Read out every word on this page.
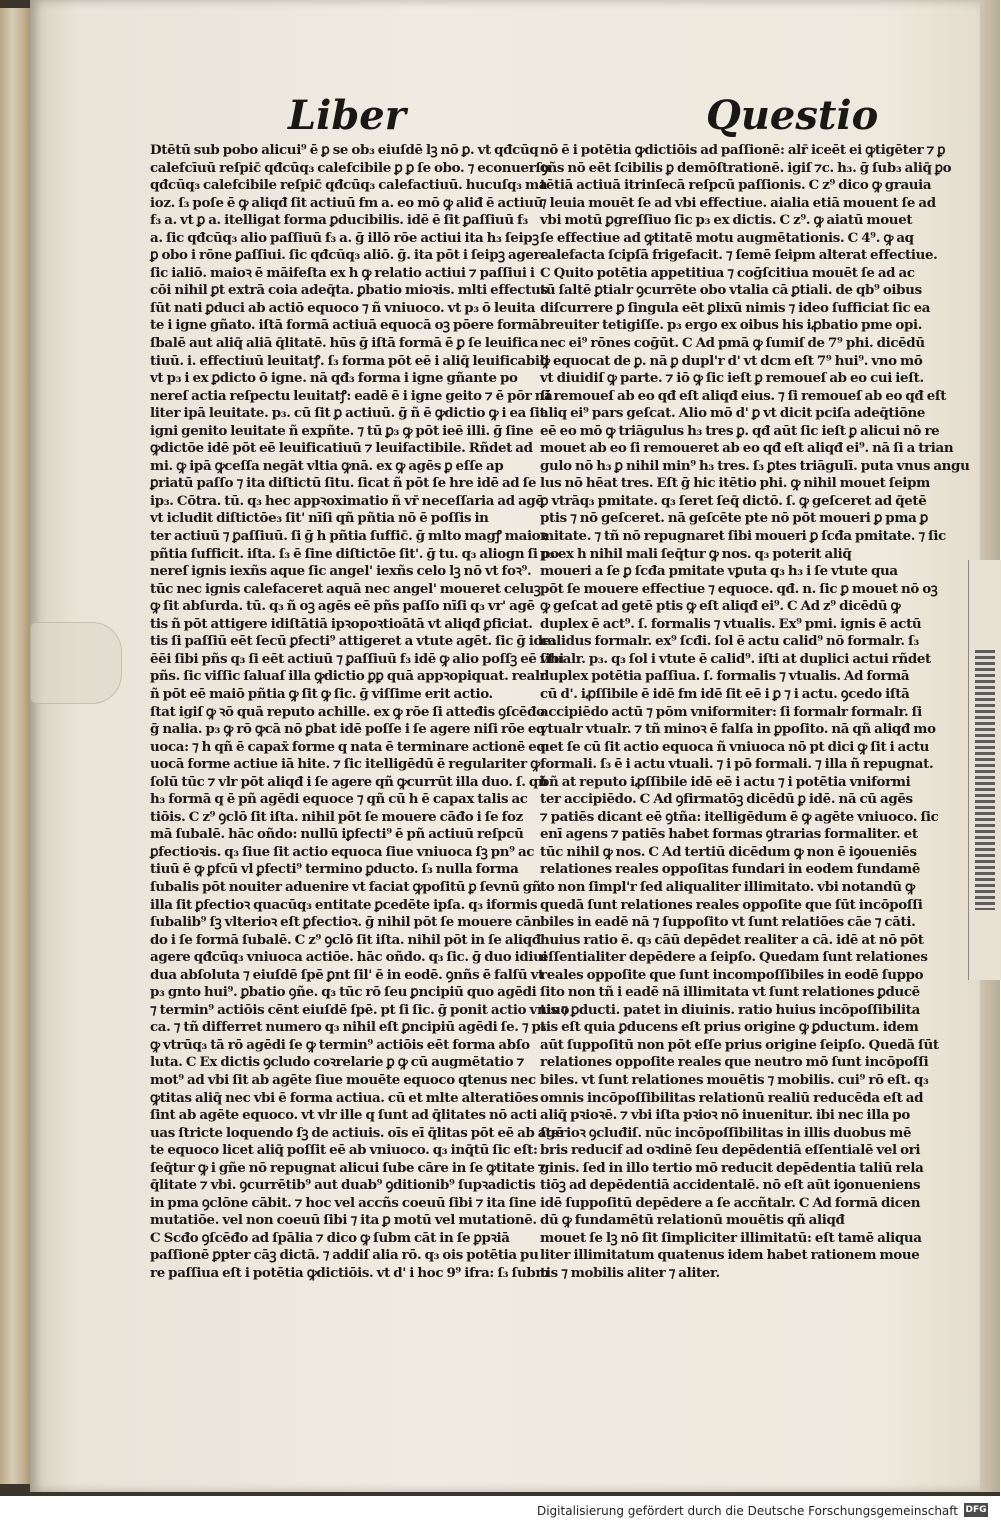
Liber	Questio
Dtētū sub pobo alicui⁹ ē ꝑ se ob₃ eiuſdē lꝫ nō ꝑ. vt qđcūq
calefcīuū reſpic̄ qđcūq₃ calefcibile ꝑ ꝑ ſe obo. ⁊ econuerſo
qđcūq₃ calefcibile reſpic̄ qđcūq₃ calefactiuū. hucuſq₃ ma
ioz. ſ₃ poſe ē ꝙ aliqđ ſit actiuū fm a. eo mō ꝙ aliđ ē actiuū
f₃ a. vt ꝑ a. itelligat forma ꝑducibilis. idē ē ſit ꝑaſſiuū f₃
a. ſic qđcūq₃ alio paſſiuū f₃ a. ḡ illō rōe actiui ita h₃ ſeipꝫ
ꝑ obo i rōne ꝑaſſiui. ſic qđcūq₃ aliō. ḡ. ita pōt i ſeipꝫ agere
ſic ialiō. maioꝛ ē māifeſta ex h ꝙ relatio actiui ⁊ paſſiui i
cōi nihil ꝑt extrā coia adeq̄ta. ꝑbatio mioꝛis. mlti effectus
ſūt nati ꝑduci ab actiō equoco ⁊ ñ vniuoco. vt p₃ ō leuita
te i igne gñato. iſtā formā actiuā equocā oꝫ pōere formā
ſbalē aut aliq̄ aliā q̄litatē. hūs ḡ iſtā formā ē ꝑ ſe leuifica
tiuū. i. effectiuū leuitatꝭ. ſ₃ forma pōt eē i aliq̄ leuificabili
vt p₃ i ex ꝑdicto ō igne. nā qđ₃ forma i igne gñante po
nereſ actia reſpectu leuitatꝭ: eadē ē i igne geito ⁊ ē pōr nā
liter ipā leuitate. p₃. cū ſit ꝑ actiuū. ḡ ñ ē ꝙdictio ꝙ i ea ſit
igni genito leuitate ñ expñte. ⁊ tū ꝑ₃ ꝙ pōt ieē illi. ḡ ſine
ꝙdictōe idē pōt eē leuificatiuū ⁊ leuifactibile. Rñdet ad
mi. ꝙ ipā ꝙceſſa negāt vltia ꝙnā. ex ꝙ agēs ꝑ eſſe ap
ꝑriatū paſſo ⁊ ita diſtictū ſitu. ſicat ñ pōt ſe hre idē ad ſe
ip₃. Cōtra. tū. q₃ hec appꝛoximatio ñ vr̄ neceſſaria ad agē
vt icludit diſtictōe₃ ſit' nīſi qñ pñtia nō ē poſſis in
ter actiuū ⁊ ꝑaſſiuū. ſi ḡ h pñtia ſuffic̄. ḡ mlto magꝭ maioꝛ
pñtia ſufficit. iſta. ſ₃ ē ſine diſtictōe ſit'. ḡ tu. q₃ aliogn ſi po
nereſ ignis iexñs aque ſic angel' iexñs celo lꝫ nō vt foꝛ⁹.
tūc nec ignis calefaceret aquā nec angel' moueret celuꝫ
ꝙ ſit abſurda. tū. q₃ ñ oꝫ agēs eē pñs paſſo nīſi q₃ vr' agē
tis ñ pōt attigere idiſtātiā ipꝛopoꝛtioātā vt aliqđ ꝑficiat.
tis ſi paſſiū eēt ſecū ꝑfecti⁹ attigeret a vtute agēt. ſic ḡ ide₃
ēēi ſibi pñs q₃ ſi eēt actiuū ⁊ ꝑaſſiuū f₃ idē ꝙ alio poſſꝫ eē ſibi
pñs. ſic viſſic ſaluaſ illa ꝙdictio ꝑꝑ quā appꝛopiquat. realr
ñ pōt eē maiō pñtia ꝙ ſit ꝙ ſic. ḡ viſſime erit actio.
ſtat igiſ ꝙ ꝛō quā reputo achille. ex ꝙ rōe ſi atteđis ꝯſcēđo
ḡ nalia. p₃ ꝙ rō ꝙcā nō ꝑbat idē poſſe i ſe agere niſi rōe eq
uoca: ⁊ h qñ ē capax̄ forme q nata ē terminare actionē eq
uocā forme actiue iā hite. ⁊ ſic itelligēdū ē regulariter ꝙ
ſolū tūc ⁊ vlr pōt aliqđ i ſe agere qñ ꝙcurrūt illa duo. ſ. qñ
h₃ formā q ē pñ agēdi equoce ⁊ qñ cū h ē capax talis ac
tiōis. C z⁹ ꝯclō ſit iſta. nihil pōt ſe mouere cāđo i ſe foz
mā ſubalē. hāc oñdo: nullū iꝑfecti⁹ ē pñ actiuū reſpcū
ꝑfectioꝛis. q₃ ſiue ſit actio equoca ſiue vniuoca ſꝫ pn⁹ ac
tiuū ē ꝙ ꝑfcū vl ꝑfecti⁹ termino ꝑducto. ſ₃ nulla forma
ſubalis pōt nouiter aduenire vt faciat ꝙpoſitū ꝑ ſevnū gñ
illa ſit ꝑfectioꝛ quacūq₃ entitate ꝑcedēte ipſa. q₃ iformis
ſubalib⁹ ſꝫ vlterioꝛ eſt ꝑfectioꝛ. ḡ nihil pōt ſe mouere cān
do i ſe formā ſubalē. C z⁹ ꝯclō ſit iſta. nihil pōt in ſe aliqđ
agere qđcūq₃ vniuoca actiōe. hāc oñdo. q₃ ſic. ḡ duo idiui
dua abſoluta ⁊ eiuſdē ſpē ꝑnt ſil' ē in eodē. ꝯnñs ē falſū vt
p₃ gnto hui⁹. ꝑbatio ꝯñe. q₃ tūc rō ſeu ꝑncipiū quo agēdi
⁊ termin⁹ actiōis cēnt eiuſdē ſpē. pt ſi ſic. ḡ ponit actio vniuo
ca. ⁊ tñ differret numero q₃ nihil eſt ꝑncipiū agēdi ſe. ⁊ p₃
ꝙ vtrūq₃ tā rō agēdi ſe ꝙ termin⁹ actiōis eēt forma abſo
luta. C Ex dictis ꝯcludo coꝛrelarie ꝑ ꝙ cū augmētatio ⁊
mot⁹ ad vbi ſit ab agēte ſiue mouēte equoco qtenus nec
ꝙtitas aliq̄ nec vbi ē forma actiua. cū et mlte alteratiōes
ſint ab agēte equoco. vt vlr ille q ſunt ad q̄litates nō acti
uas ſtricte loquendo ſꝫ de actiuis. oīs eī q̄litas pōt eē ab agē
te equoco licet aliq̄ poſſit eē ab vniuoco. q₃ inq̄tū ſic eſt:
ſeq̄tur ꝙ i gñe nō repugnat alicui ſube cāre in ſe ꝙtitate ⁊
q̄litate ⁊ vbi. ꝯcurrētib⁹ aut duab⁹ ꝯditionib⁹ ſupꝛadictis
in pma ꝯclōne cābit. ⁊ hoc vel accñs coeuū ſibi ⁊ ita ſine
mutatiōe. vel non coeuū ſibi ⁊ ita ꝑ motū vel mutationē.
C Scđo ꝯſcēđo ad ſpālia ⁊ dico ꝙ ſubm cāt in ſe ꝑpꝛiā
paſſionē ꝑpter cāꝫ dictā. ⁊ addiſ alia rō. q₃ ois potētia pu
re paſſiua eſt i potētia ꝙdictiōis. vt d' i hoc 9⁹ ifra: ſ₃ ſubm
nō ē i potētia ꝙdictiōis ad paſſionē: alr̄ iceēt ei ꝙtigēter ⁊ ꝑ
ꝯñs nō eēt ſcibilis ꝑ demōſtrationē. igiſ ⁊c. h₃. ḡ ſub₃ aliq̄ ꝑo
tētiā actiuā itrinſecā reſpcū paſſionis. C z⁹ dico ꝙ grauia
⁊ leuia mouēt ſe ad vbi effectiue. aialia etiā mouent ſe ad
vbi motū ꝑgreſſiuo ſic p₃ ex dictis. C z⁹. ꝙ aiatū mouet
ſe effectiue ad ꝙtitatē motu augmētationis. C 4⁹. ꝙ aq
calefacta ſcipſā frigefacit. ⁊ ſemē ſeipm alterat effectiue.
C Quito potētia appetitiua ⁊ coḡſcitiua mouēt ſe ad ac
tū ſaltē ꝑtialr ꝯcurrēte obo vtalia cā ꝑtiali. de qb⁹ oibus
diſcurrere ꝑ ſingula eēt ꝑlixū nimis ⁊ ideo ſufficiat ſic ea
breuiter tetigiſſe. p₃ ergo ex oibus his iꝓbatio pme opi.
nec ei⁹ rōnes coḡūt. C Ad pmā ꝙ ſumiſ de 7⁹ phi. dicēdū
ꝙ equocat de ꝑ. nā ꝑ dupl'r d' vt dcm eſt 7⁹ hui⁹. vno mō
vt diuidiſ ꝙ parte. ⁊ iō ꝙ ſic ieſt ꝑ remoueſ ab eo cui ieſt.
ſi remoueſ ab eo qđ eſt aliqđ eius. ⁊ ſi remoueſ ab eo qđ eſt
aliq ei⁹ pars geſcat. Alio mō d' ꝑ vt dicit pciſa adeq̄tiōne
eē eo mō ꝙ triāgulus h₃ tres ꝑ. qđ aūt ſic ieſt ꝑ alicui nō re
mouet ab eo ſi remoueret ab eo qđ eſt aliqđ ei⁹. nā ſi a trian
gulo nō h₃ ꝑ nihil min⁹ h₃ tres. ſ₃ ꝑtes triāgulī. puta vnus angu
lus nō hēat tres. Eſt ḡ hic itētio phi. ꝙ nihil mouet ſeipm
ꝑ vtrāq₃ pmitate. q₃ ſeret ſeq̄ dictō. ſ. ꝙ geſceret ad q̄etē
ptis ⁊ nō geſceret. nā geſcēte pte nō pōt moueri ꝑ pma ꝑ
mitate. ⁊ tñ nō repugnaret ſibi moueri ꝑ ſcđa pmitate. ⁊ ſic
p₃ ex h nihil mali ſeq̄tur ꝙ nos. q₃ poterit aliq̄
moueri a ſe ꝑ ſcđa pmitate vꝑuta q₃ h₃ i ſe vtute qua
pōt ſe mouere effectiue ⁊ equoce. qđ. n. ſic ꝑ mouet nō oꝫ
ꝙ geſcat ad getē ptis ꝙ eſt aliqđ ei⁹. C Ad z⁹ dicēdū ꝙ
duplex ē act⁹. ſ. formalis ⁊ vtualis. Ex⁹ pmi. ignis ē actū
calidus formalr. ex⁹ ſcđi. ſol ē actu calid⁹ nō formalr. ſ₃
vtualr. p₃. q₃ ſol i vtute ē calid⁹. iſti at duplici actui rñdet
duplex potētia paſſiua. ſ. formalis ⁊ vtualis. Ad formā
cū d'. iꝓſſibile ē idē fm idē ſit eē i ꝑ ⁊ i actu. ꝯcedo iſtā
accipiēdo actū ⁊ pōm vniformiter: ſi formalr formalr. ſi
vtualr vtualr. ⁊ tñ minoꝛ ē falſa in ꝑpoſito. nā qñ aliqđ mo
uet ſe cū ſit actio equoca ñ vniuoca nō pt dici ꝙ ſit i actu
formali. ſ₃ ē i actu vtuali. ⁊ i pō formali. ⁊ illa ñ repugnat.
bñ at reputo iꝓſſibile idē eē i actu ⁊ i potētia vniformi
ter accipiēdo. C Ad ꝯfirmatōꝫ dicēdū ꝑ idē. nā cū agēs
⁊ patiēs dicant eē ꝯtña: itelligēdum ē ꝙ agēte vniuoco. ſic
enī agens ⁊ patiēs habet formas ꝯtrarias formaliter. et
tūc nihil ꝙ nos. C Ad tertiū dicēdum ꝙ non ē iꝯoueniēs
relationes reales oppoſitas fundari in eodem fundamē
to non ſimpl'r ſed aliqualiter illimitato. vbi notandū ꝙ
quedā ſunt relationes reales oppoſite que ſūt incōpoſſi
biles in eadē nā ⁊ ſuppoſito vt ſunt relatiōes cāe ⁊ cāti.
huius ratio ē. q₃ cāū depēdet realiter a cā. idē at nō pōt
eſſentialiter depēdere a ſeipſo. Quedam ſunt relationes
reales oppoſite que ſunt incompoſſibiles in eodē ſuppo
ſito non tñ i eadē nā illimitata vt ſunt relationes ꝑducē
tis ⁊ ꝑducti. patet in diuinis. ratio huius incōpoſſibilita
tis eſt quia ꝑducens eſt prius origine ꝙ ꝑductum. idem
aūt ſuppoſitū non pōt eſſe prius origine ſeipſo. Quedā ſūt
relationes oppoſite reales que neutro mō ſunt incōpoſſi
biles. vt ſunt relationes mouētis ⁊ mobilis. cui⁹ rō eſt. q₃
omnis incōpoſſibilitas relationū realiū reducēda eſt ad
aliq̄ pꝛioꝛē. ⁊ vbi iſta pꝛioꝛ nō inuenitur. ibi nec illa po
ſterioꝛ ꝯcluđiſ. nūc incōpoſſibilitas in illis duobus mē
bris reducif ad oꝛdinē ſeu depēdentiā eſſentialē vel ori
ginis. ſed in illo tertio mō reducit depēdentia taliū rela
tiōꝫ ad depēdentiā accidentalē. nō eſt aūt iꝯonueniens
idē ſuppoſitū depēdere a ſe accñtalr. C Ad formā dicen
dū ꝙ fundamētū relationū mouētis qñ aliqđ
mouet ſe lꝫ nō ſit ſimpliciter illimitatū: eſt tamē aliqua
liter illimitatum quatenus idem habet rationem moue
tis ⁊ mobilis aliter ⁊ aliter.
Digitalisierung gefördert durch die Deutsche Forschungsgemeinschaft DFG
